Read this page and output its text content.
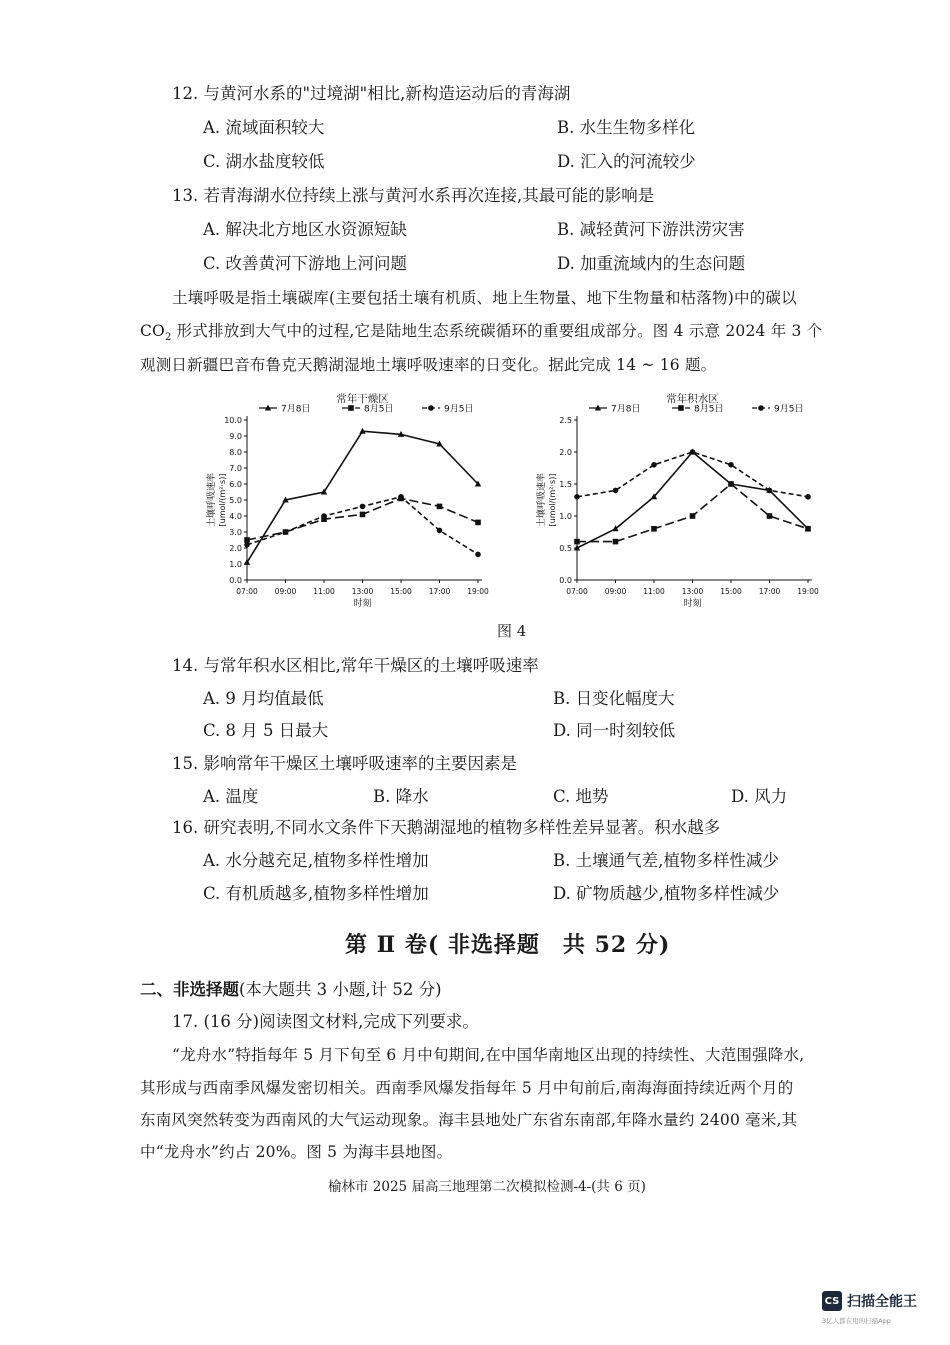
12. 与黄河水系的"过境湖"相比,新构造运动后的青海湖
A. 流域面积较大	B. 水生生物多样化
C. 湖水盐度较低	D. 汇入的河流较少
13. 若青海湖水位持续上涨与黄河水系再次连接,其最可能的影响是
A. 解决北方地区水资源短缺	B. 减轻黄河下游洪涝灾害
C. 改善黄河下游地上河问题	D. 加重流域内的生态问题
土壤呼吸是指土壤碳库(主要包括土壤有机质、地上生物量、地下生物量和枯落物)中的碳以
$CO_2$ 形式排放到大气中的过程,它是陆地生态系统碳循环的重要组成部分。图 4 示意 2024 年 3 个
观测日新疆巴音布鲁克天鹅湖湿地土壤呼吸速率的日变化。据此完成 14 ~ 16 题。
常年干燥区
0.0
1.0
2.0
3.0
4.0
5.0
6.0
7.0
8.0
9.0
10.0
07:00 09:00 11:00 13:00 15:00 17:00 19:00
时刻
土壤呼吸速率 [umol/(m²·s)]
7月8日	8月5日	9月5日
常年积水区
0.0
0.5
1.0
1.5
2.0
2.5
07:00 09:00 11:00 13:00 15:00 17:00 19:00
时刻
土壤呼吸速率 [umol/(m²·s)]
7月8日	8月5日	9月5日
图 4
14. 与常年积水区相比,常年干燥区的土壤呼吸速率
A. 9 月均值最低	B. 日变化幅度大
C. 8 月 5 日最大	D. 同一时刻较低
15. 影响常年干燥区土壤呼吸速率的主要因素是
A. 温度	B. 降水	C. 地势	D. 风力
16. 研究表明,不同水文条件下天鹅湖湿地的植物多样性差异显著。积水越多
A. 水分越充足,植物多样性增加	B. 土壤通气差,植物多样性减少
C. 有机质越多,植物多样性增加	D. 矿物质越少,植物多样性减少
第 Ⅱ 卷( 非选择题　共 52 分)
二、非选择题(本大题共 3 小题,计 52 分)
17. (16 分)阅读图文材料,完成下列要求。
“龙舟水”特指每年 5 月下旬至 6 月中旬期间,在中国华南地区出现的持续性、大范围强降水,
其形成与西南季风爆发密切相关。西南季风爆发指每年 5 月中旬前后,南海海面持续近两个月的
东南风突然转变为西南风的大气运动现象。海丰县地处广东省东南部,年降水量约 2400 毫米,其
中“龙舟水”约占 20%。图 5 为海丰县地图。
榆林市 2025 届高三地理第二次模拟检测-4-(共 6 页)
CS 扫描全能王
3亿人都在用的扫描App
